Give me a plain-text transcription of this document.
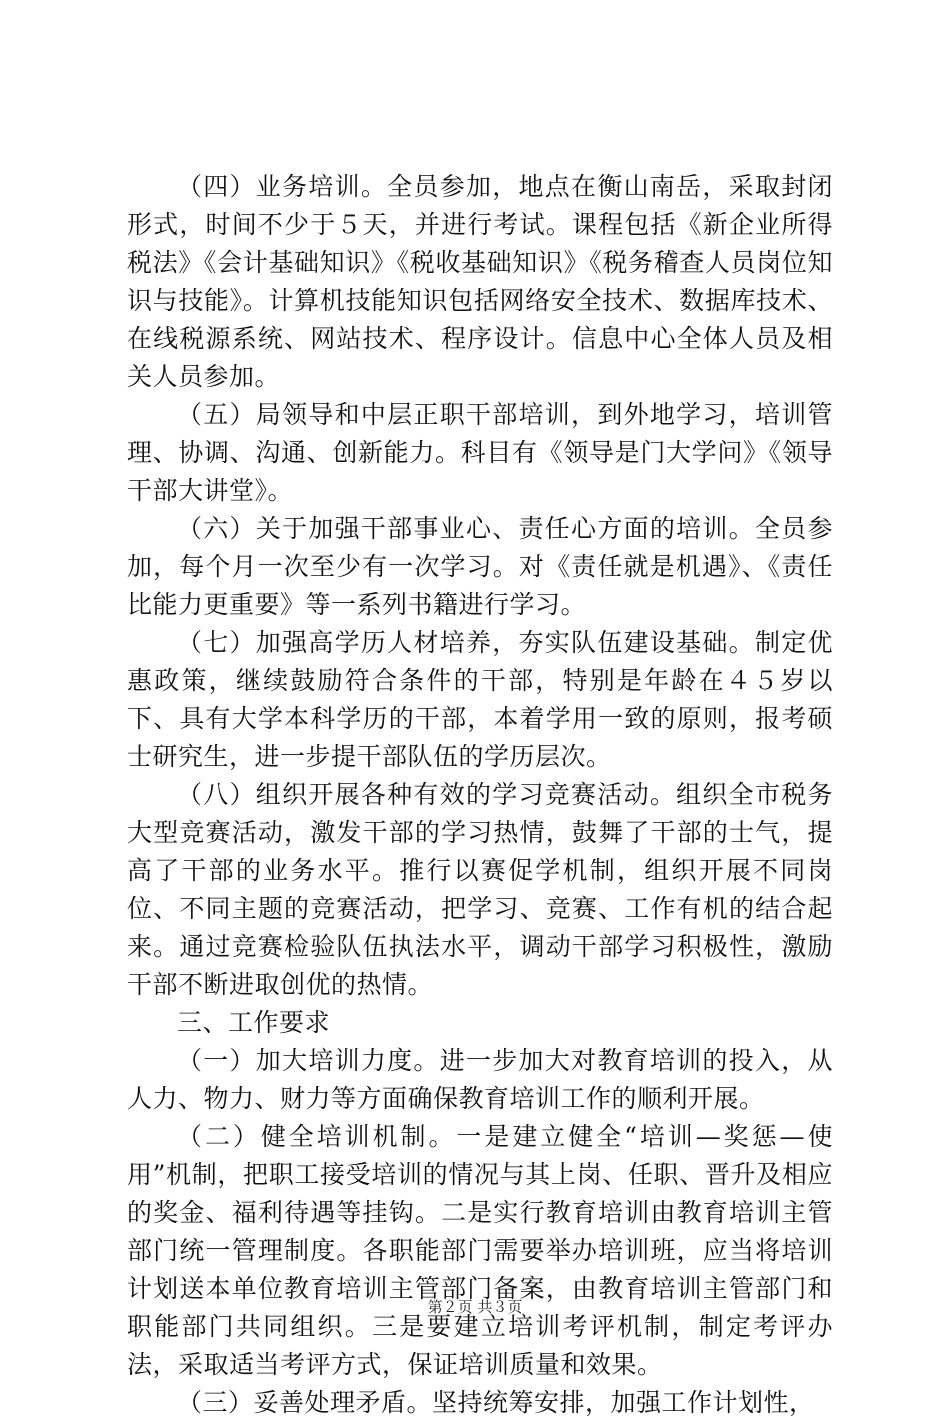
（四）业务培训。全员参加，地点在衡山南岳，采取封闭形式，时间不少于５天，并进行考试。课程包括《新企业所得税法》《会计基础知识》《税收基础知识》《税务稽查人员岗位知识与技能》。计算机技能知识包括网络安全技术、数据库技术、在线税源系统、网站技术、程序设计。信息中心全体人员及相关人员参加。

（五）局领导和中层正职干部培训，到外地学习，培训管理、协调、沟通、创新能力。科目有《领导是门大学问》《领导干部大讲堂》。

（六）关于加强干部事业心、责任心方面的培训。全员参加，每个月一次至少有一次学习。对《责任就是机遇》、《责任比能力更重要》等一系列书籍进行学习。

（七）加强高学历人材培养，夯实队伍建设基础。制定优惠政策，继续鼓励符合条件的干部，特别是年龄在４５岁以下、具有大学本科学历的干部，本着学用一致的原则，报考硕士研究生，进一步提干部队伍的学历层次。

（八）组织开展各种有效的学习竞赛活动。组织全市税务大型竞赛活动，激发干部的学习热情，鼓舞了干部的士气，提高了干部的业务水平。推行以赛促学机制，组织开展不同岗位、不同主题的竞赛活动，把学习、竞赛、工作有机的结合起来。通过竞赛检验队伍执法水平，调动干部学习积极性，激励干部不断进取创优的热情。

三、工作要求

（一）加大培训力度。进一步加大对教育培训的投入，从人力、物力、财力等方面确保教育培训工作的顺利开展。

（二）健全培训机制。一是建立健全“培训—奖惩—使用”机制，把职工接受培训的情况与其上岗、任职、晋升及相应的奖金、福利待遇等挂钩。二是实行教育培训由教育培训主管部门统一管理制度。各职能部门需要举办培训班，应当将培训计划送本单位教育培训主管部门备案，由教育培训主管部门和职能部门共同组织。三是要建立培训考评机制，制定考评办法，采取适当考评方式，保证培训质量和效果。

（三）妥善处理矛盾。坚持统筹安排，加强工作计划性，

第２页 共３页
